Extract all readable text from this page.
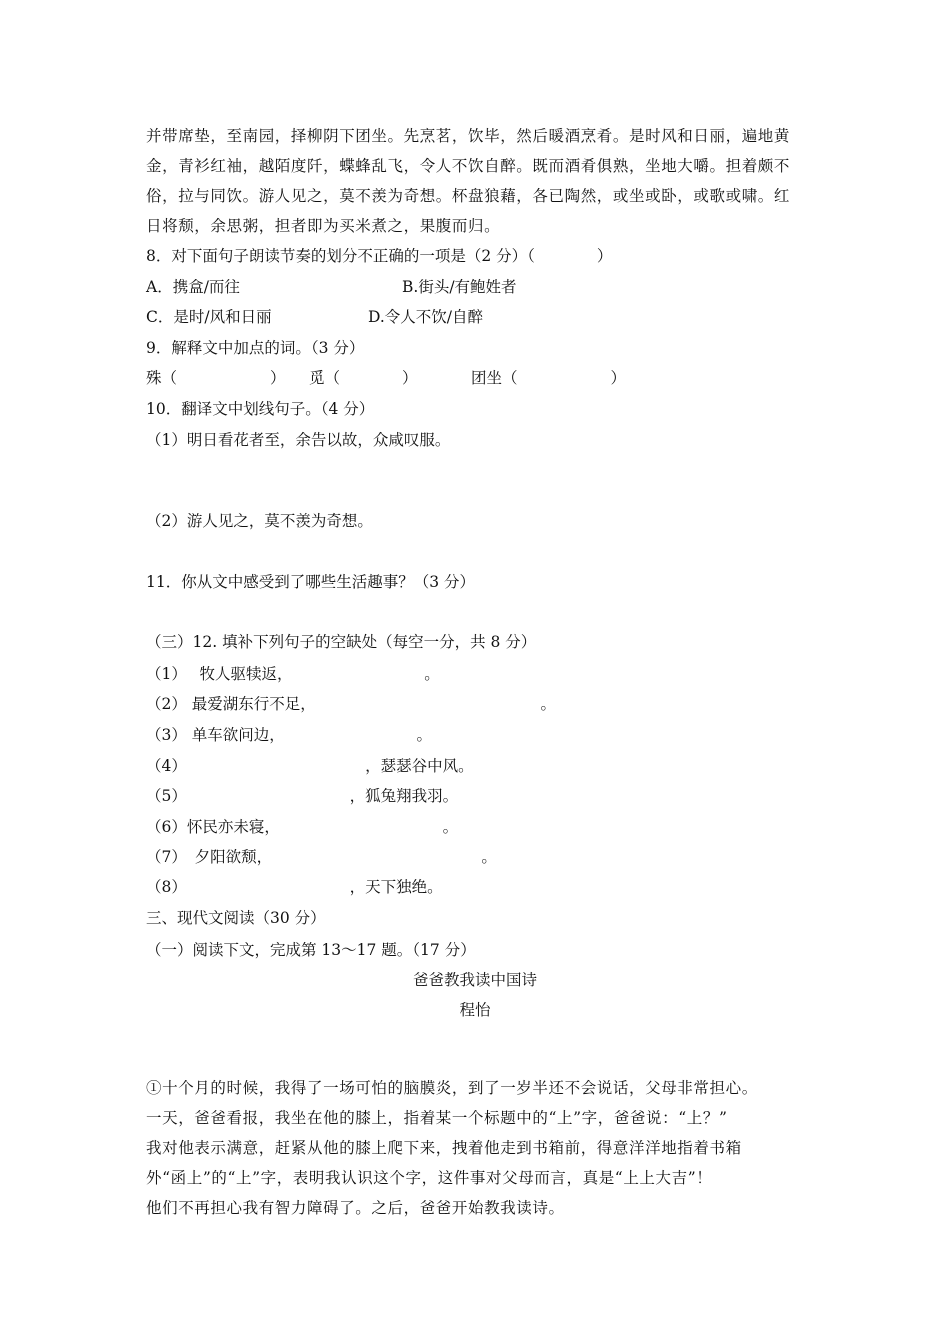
并带席垫，至南园，择柳阴下团坐。先烹茗，饮毕，然后暖酒烹肴。是时风和日丽，遍地黄
金，青衫红袖，越陌度阡，蝶蜂乱飞，令人不饮自醉。既而酒肴俱熟，坐地大嚼。担着颇不
俗，拉与同饮。游人见之，莫不羡为奇想。杯盘狼藉，各已陶然，或坐或卧，或歌或啸。红
日将颓，余思粥，担者即为买米煮之，果腹而归。
8．对下面句子朗读节奏的划分不正确的一项是（2 分）（　　　　）
A．携盒/而往	B.街头/有鲍姓者
C．是时/风和日丽	D.令人不饮/自醉
9．解释文中加点的词。（3 分）
殊（　　　　　　） 觅（　　　　）	团坐（　　　　　　）
10．翻译文中划线句子。（4 分）
（1）明日看花者至，余告以故，众咸叹服。
（2）游人见之，莫不羡为奇想。
11．你从文中感受到了哪些生活趣事？（3 分）
（三）12. 填补下列句子的空缺处（每空一分，共 8 分）
（1）　 牧人驱犊返，　　　　　　　　　。
（2） 最爱湖东行不足，　　　　　　　　　　　　　　　。
（3） 单车欲问边，　　　　　　　　　。
（4）　　　　　　　　　　　　，瑟瑟谷中风。
（5）　　　　　　　　　　　，狐兔翔我羽。
（6）怀民亦未寝，　　　　　　　　　　　。
（7）　夕阳欲颓，　　　　　　　　　　　　　　。
（8）　　　　　　　　　　　，天下独绝。
三、现代文阅读（30 分）
（一）阅读下文，完成第 13～17 题。（17 分）
爸爸教我读中国诗
程怡
①十个月的时候，我得了一场可怕的脑膜炎，到了一岁半还不会说话，父母非常担心。
一天，爸爸看报，我坐在他的膝上，指着某一个标题中的“上”字，爸爸说：“上？”
我对他表示满意，赶紧从他的膝上爬下来，拽着他走到书箱前，得意洋洋地指着书箱
外“函上”的“上”字，表明我认识这个字，这件事对父母而言，真是“上上大吉”！
他们不再担心我有智力障碍了。之后，爸爸开始教我读诗。
